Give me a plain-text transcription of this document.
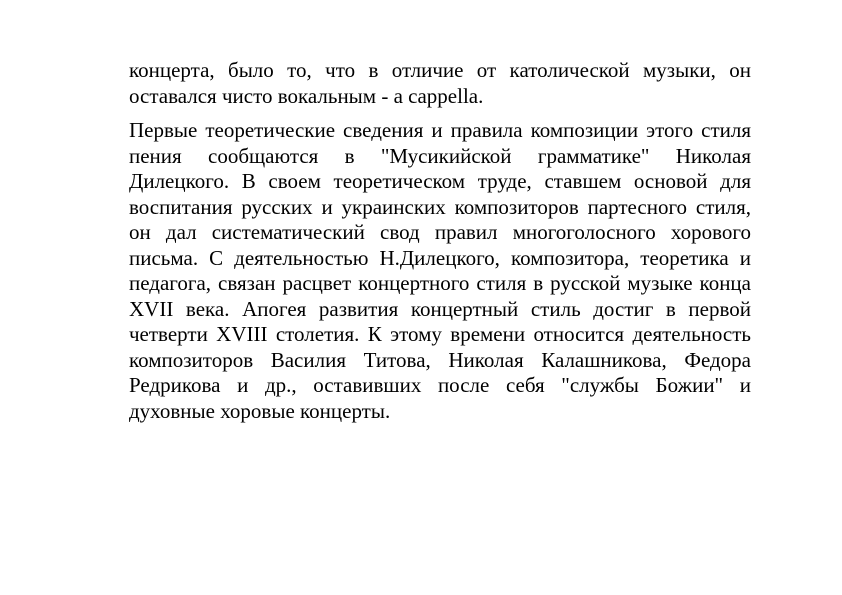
концерта, было то, что в отличие от католической музыки, он оставался чисто вокальным - a cappella.

Первые теоретические сведения и правила композиции этого стиля пения сообщаются в "Мусикийской грамматике" Николая Дилецкого. В своем теоретическом труде, ставшем основой для воспитания русских и украинских композиторов партесного стиля, он дал систематический свод правил многоголосного хорового письма. С деятельностью Н.Дилецкого, композитора, теоретика и педагога, связан расцвет концертного стиля в русской музыке конца XVII века. Апогея развития концертный стиль достиг в первой четверти XVIII столетия. К этому времени относится деятельность композиторов Василия Титова, Николая Калашникова, Федора Редрикова и др., оставивших после себя "службы Божии" и духовные хоровые концерты.
